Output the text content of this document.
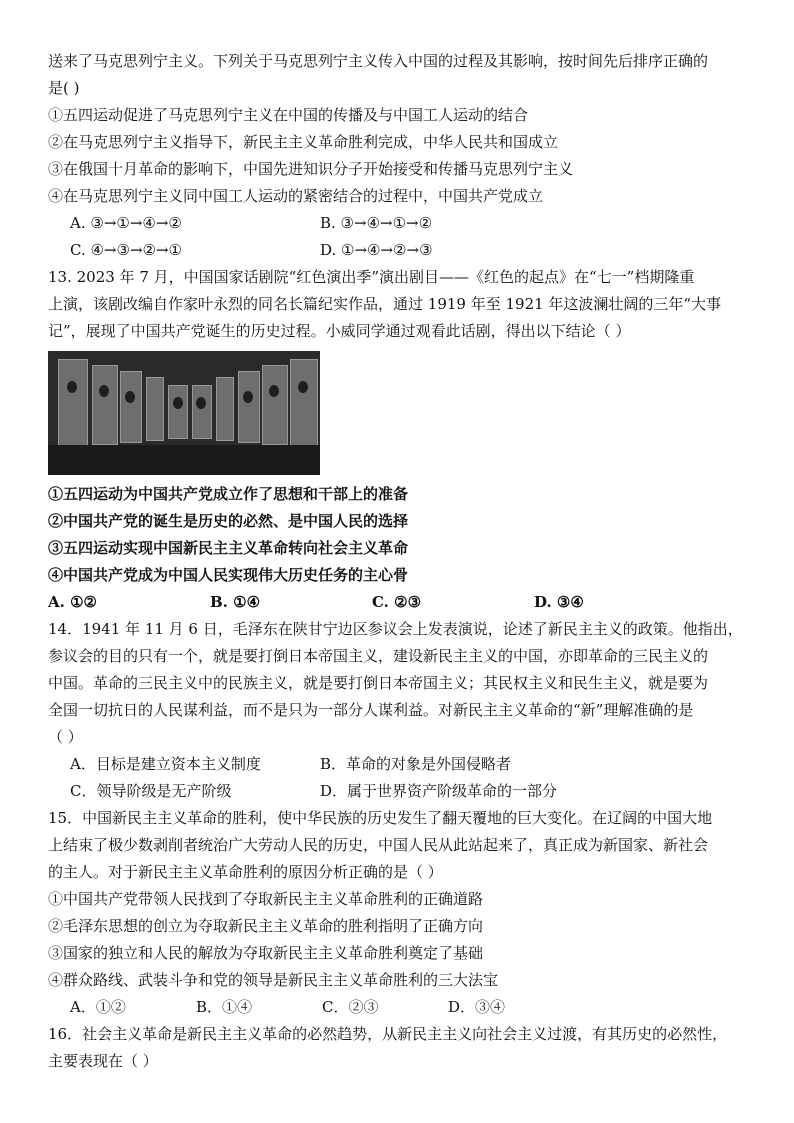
送来了马克思列宁主义。下列关于马克思列宁主义传入中国的过程及其影响，按时间先后排序正确的
是( )
①五四运动促进了马克思列宁主义在中国的传播及与中国工人运动的结合
②在马克思列宁主义指导下，新民主主义革命胜利完成，中华人民共和国成立
③在俄国十月革命的影响下，中国先进知识分子开始接受和传播马克思列宁主义
④在马克思列宁主义同中国工人运动的紧密结合的过程中，中国共产党成立
A. ③→①→④→②	B. ③→④→①→②
C. ④→③→②→①	D. ①→④→②→③
13. 2023 年 7 月，中国国家话剧院“红色演出季”演出剧目——《红色的起点》在“七一”档期隆重
上演，该剧改编自作家叶永烈的同名长篇纪实作品，通过 1919 年至 1921 年这波澜壮阔的三年“大事
记”，展现了中国共产党诞生的历史过程。小威同学通过观看此话剧，得出以下结论（ ）
①五四运动为中国共产党成立作了思想和干部上的准备
②中国共产党的诞生是历史的必然、是中国人民的选择
③五四运动实现中国新民主主义革命转向社会主义革命
④中国共产党成为中国人民实现伟大历史任务的主心骨
A. ①②	B. ①④	C. ②③	D. ③④
14．1941 年 11 月 6 日，毛泽东在陕甘宁边区参议会上发表演说，论述了新民主主义的政策。他指出，
参议会的目的只有一个，就是要打倒日本帝国主义，建设新民主主义的中国，亦即革命的三民主义的
中国。革命的三民主义中的民族主义，就是要打倒日本帝国主义；其民权主义和民生主义，就是要为
全国一切抗日的人民谋利益，而不是只为一部分人谋利益。对新民主主义革命的“新”理解准确的是
（ ）
A．目标是建立资本主义制度	B．革命的对象是外国侵略者
C．领导阶级是无产阶级	D．属于世界资产阶级革命的一部分
15．中国新民主主义革命的胜利，使中华民族的历史发生了翻天覆地的巨大变化。在辽阔的中国大地
上结束了极少数剥削者统治广大劳动人民的历史，中国人民从此站起来了，真正成为新国家、新社会
的主人。对于新民主主义革命胜利的原因分析正确的是（ ）
①中国共产党带领人民找到了夺取新民主主义革命胜利的正确道路
②毛泽东思想的创立为夺取新民主主义革命的胜利指明了正确方向
③国家的独立和人民的解放为夺取新民主主义革命胜利奠定了基础
④群众路线、武装斗争和党的领导是新民主主义革命胜利的三大法宝
A．①②	B．①④	C．②③	D．③④
16．社会主义革命是新民主主义革命的必然趋势，从新民主主义向社会主义过渡，有其历史的必然性，
主要表现在（ ）
